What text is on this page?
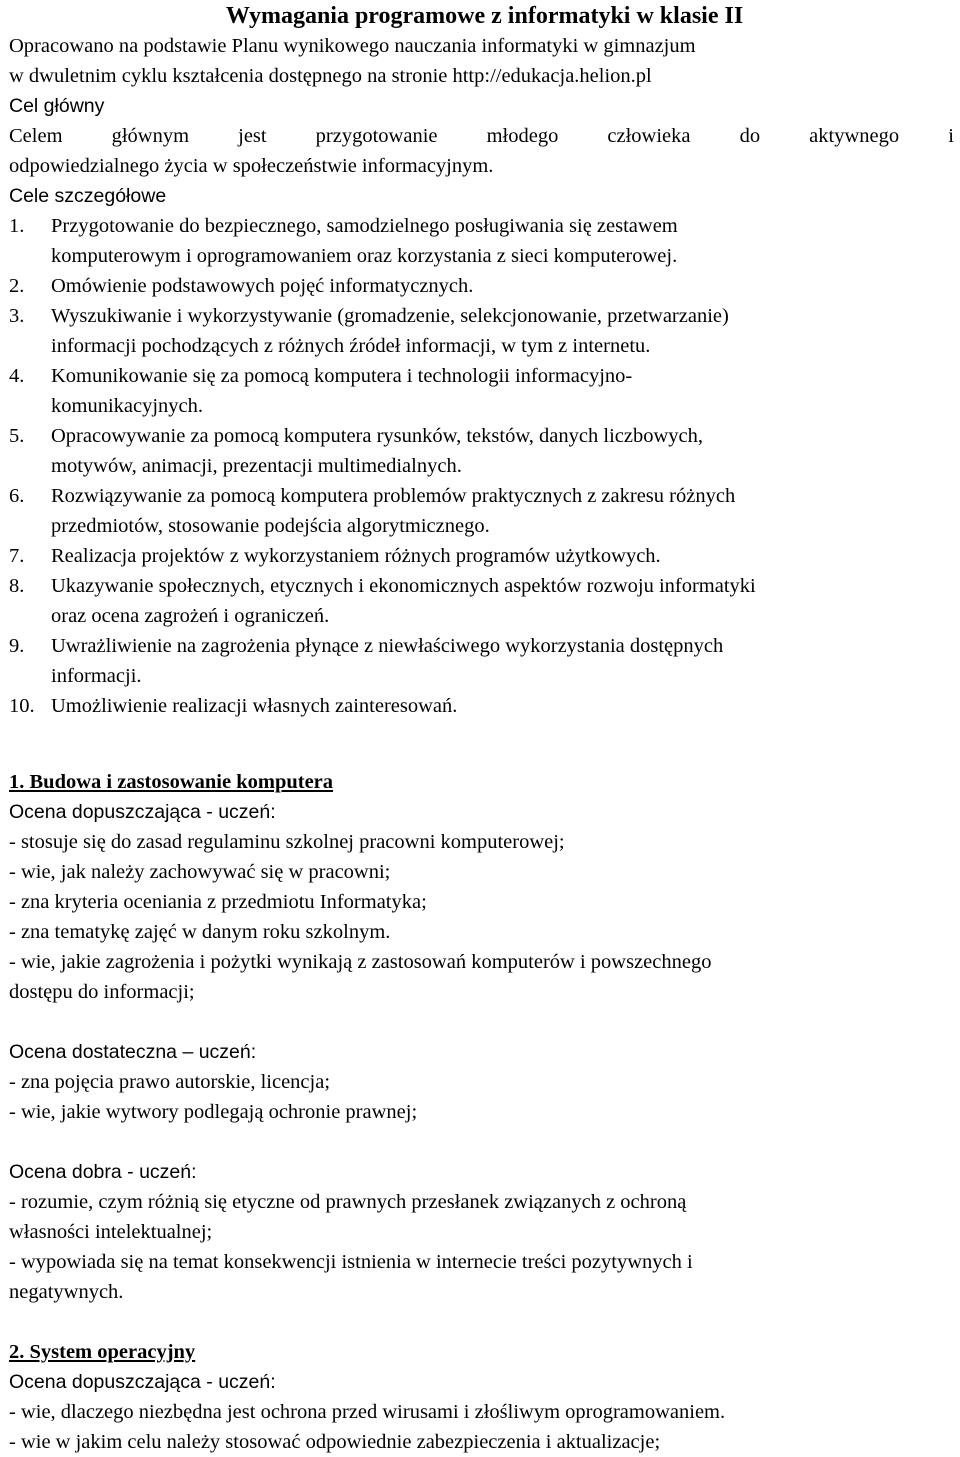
Wymagania programowe z informatyki w klasie II
Opracowano na podstawie Planu wynikowego nauczania informatyki w gimnazjum
w dwuletnim cyklu kształcenia dostępnego na stronie http://edukacja.helion.pl
Cel główny
Celem głównym jest przygotowanie młodego człowieka do aktywnego i
odpowiedzialnego życia w społeczeństwie informacyjnym.
Cele szczegółowe
1.	Przygotowanie do bezpiecznego, samodzielnego posługiwania się zestawem
komputerowym i oprogramowaniem oraz korzystania z sieci komputerowej.
2.	Omówienie podstawowych pojęć informatycznych.
3.	Wyszukiwanie i wykorzystywanie (gromadzenie, selekcjonowanie, przetwarzanie)
informacji pochodzących z różnych źródeł informacji, w tym z internetu.
4.	Komunikowanie się za pomocą komputera i technologii informacyjno-
komunikacyjnych.
5.	Opracowywanie za pomocą komputera rysunków, tekstów, danych liczbowych,
motywów, animacji, prezentacji multimedialnych.
6.	Rozwiązywanie za pomocą komputera problemów praktycznych z zakresu różnych
przedmiotów, stosowanie podejścia algorytmicznego.
7.	Realizacja projektów z wykorzystaniem różnych programów użytkowych.
8.	Ukazywanie społecznych, etycznych i ekonomicznych aspektów rozwoju informatyki
oraz ocena zagrożeń i ograniczeń.
9.	Uwrażliwienie na zagrożenia płynące z niewłaściwego wykorzystania dostępnych
informacji.
10. Umożliwienie realizacji własnych zainteresowań.
1. Budowa i zastosowanie komputera
Ocena dopuszczająca - uczeń:
- stosuje się do zasad regulaminu szkolnej pracowni komputerowej;
- wie, jak należy zachowywać się w pracowni;
- zna kryteria oceniania z przedmiotu Informatyka;
- zna tematykę zajęć w danym roku szkolnym.
- wie, jakie zagrożenia i pożytki wynikają z zastosowań komputerów i powszechnego
dostępu do informacji;
Ocena dostateczna – uczeń:
- zna pojęcia prawo autorskie, licencja;
- wie, jakie wytwory podlegają ochronie prawnej;
Ocena dobra - uczeń:
- rozumie, czym różnią się etyczne od prawnych przesłanek związanych z ochroną
własności intelektualnej;
- wypowiada się na temat konsekwencji istnienia w internecie treści pozytywnych i
negatywnych.
2. System operacyjny
Ocena dopuszczająca - uczeń:
- wie, dlaczego niezbędna jest ochrona przed wirusami i złośliwym oprogramowaniem.
- wie w jakim celu należy stosować odpowiednie zabezpieczenia i aktualizacje;
